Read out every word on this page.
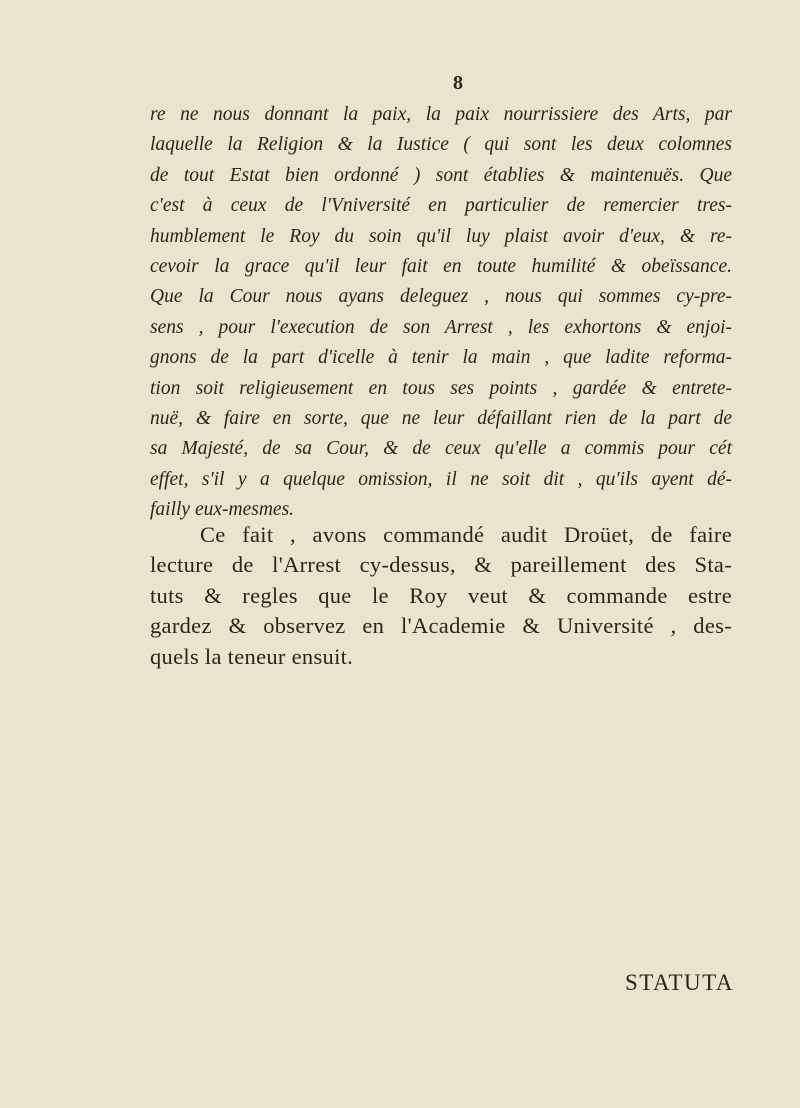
8
re ne nous donnant la paix, la paix nourrissiere des Arts, par
laquelle la Religion & la Iustice ( qui sont les deux colomnes
de tout Estat bien ordonné ) sont établies & maintenuës. Que
c'est à ceux de l'Vniversité en particulier de remercier tres-
humblement le Roy du soin qu'il luy plaist avoir d'eux, & re-
cevoir la grace qu'il leur fait en toute humilité & obeïssance.
Que la Cour nous ayans deleguez , nous qui sommes cy-pre-
sens , pour l'execution de son Arrest , les exhortons & enjoi-
gnons de la part d'icelle à tenir la main , que ladite reforma-
tion soit religieusement en tous ses points , gardée & entrete-
nuë, & faire en sorte, que ne leur défaillant rien de la part de
sa Majesté, de sa Cour, & de ceux qu'elle a commis pour cét
effet, s'il y a quelque omission, il ne soit dit , qu'ils ayent dé-
failly eux-mesmes.
Ce fait , avons commandé audit Droüet, de faire
lecture de l'Arrest cy-dessus, & pareillement des Sta-
tuts & regles que le Roy veut & commande estre
gardez & observez en l'Academie & Université , des-
quels la teneur ensuit.
STATUTA
